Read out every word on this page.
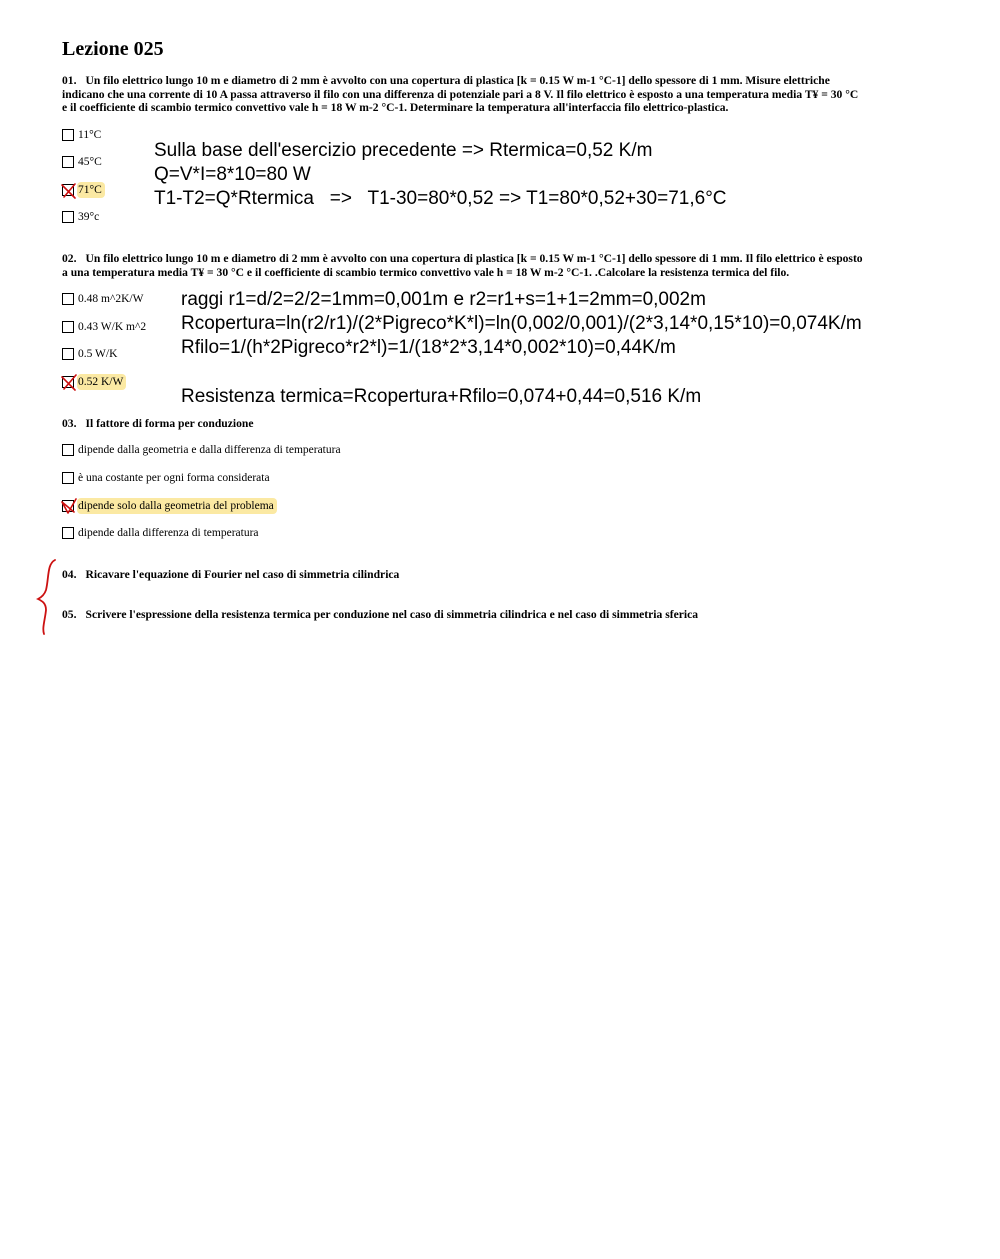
Lezione 025
01. Un filo elettrico lungo 10 m e diametro di 2 mm è avvolto con una copertura di plastica [k = 0.15 W m-1 °C-1] dello spessore di 1 mm. Misure elettriche
indicano che una corrente di 10 A passa attraverso il filo con una differenza di potenziale pari a 8 V. Il filo elettrico è esposto a una temperatura media T¥ = 30 °C
e il coefficiente di scambio termico convettivo vale h = 18 W m-2 °C-1. Determinare la temperatura all'interfaccia filo elettrico-plastica.
11°C
45°C
71°C
39°c
Sulla base dell'esercizio precedente => Rtermica=0,52 K/m
Q=V*I=8*10=80 W
T1-T2=Q*Rtermica   =>   T1-30=80*0,52 => T1=80*0,52+30=71,6°C
02. Un filo elettrico lungo 10 m e diametro di 2 mm è avvolto con una copertura di plastica [k = 0.15 W m-1 °C-1] dello spessore di 1 mm. Il filo elettrico è esposto
a una temperatura media T¥ = 30 °C e il coefficiente di scambio termico convettivo vale h = 18 W m-2 °C-1. .Calcolare la resistenza termica del filo.
0.48 m^2K/W
0.43 W/K m^2
0.5 W/K
0.52 K/W
raggi r1=d/2=2/2=1mm=0,001m e r2=r1+s=1+1=2mm=0,002m
Rcopertura=ln(r2/r1)/(2*Pigreco*K*l)=ln(0,002/0,001)/(2*3,14*0,15*10)=0,074K/m
Rfilo=1/(h*2Pigreco*r2*l)=1/(18*2*3,14*0,002*10)=0,44K/m
Resistenza termica=Rcopertura+Rfilo=0,074+0,44=0,516 K/m
03. Il fattore di forma per conduzione
dipende dalla geometria e dalla differenza di temperatura
è una costante per ogni forma considerata
dipende solo dalla geometria del problema
dipende dalla differenza di temperatura
04. Ricavare l'equazione di Fourier nel caso di simmetria cilindrica
05. Scrivere l'espressione della resistenza termica per conduzione nel caso di simmetria cilindrica e nel caso di simmetria sferica
